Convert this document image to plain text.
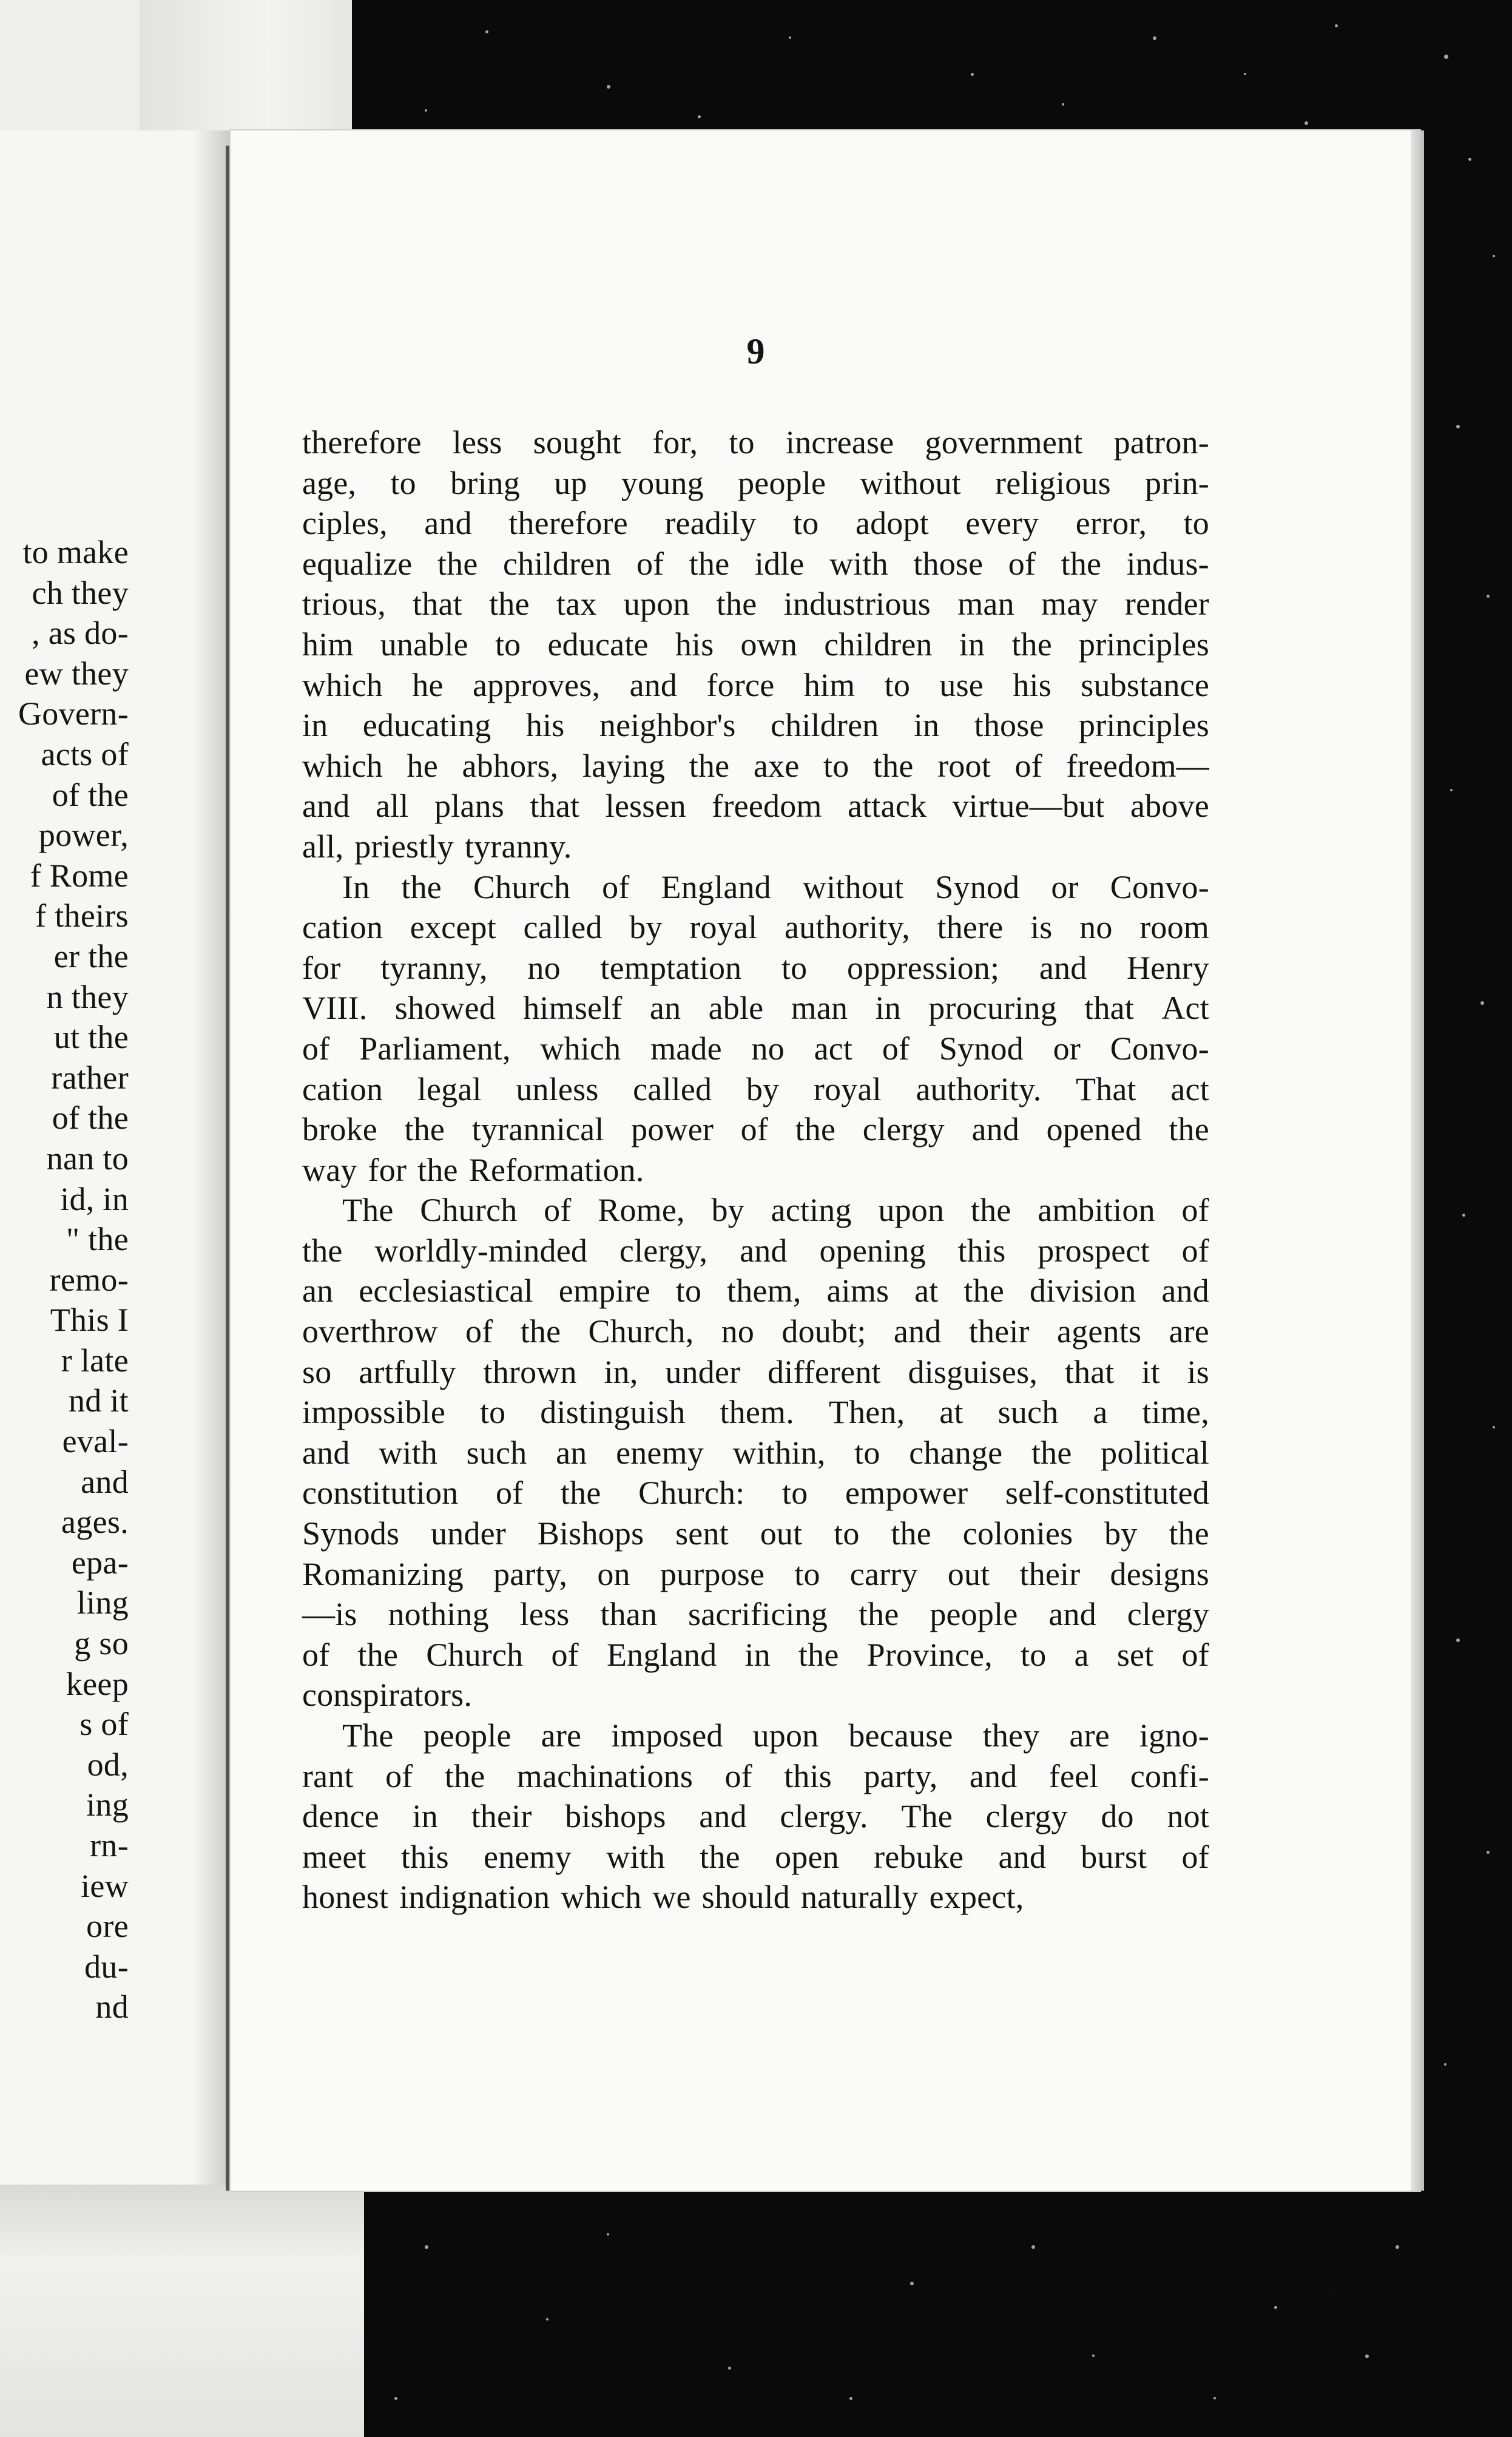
to make
ch they
, as do-
ew they
Govern-
acts of
of the
power,
f Rome
f theirs
er the
n they
ut the
rather
of the
nan to
id, in
" the
remo-
This I
r late
nd it
eval-
and
ages.
epa-
ling
g so
keep
s of
od,
ing
rn-
iew
ore
du-
nd
9
therefore less sought for, to increase government patron-
age, to bring up young people without religious prin-
ciples, and therefore readily to adopt every error, to
equalize the children of the idle with those of the indus-
trious, that the tax upon the industrious man may render
him unable to educate his own children in the principles
which he approves, and force him to use his substance
in educating his neighbor's children in those principles
which he abhors, laying the axe to the root of freedom—
and all plans that lessen freedom attack virtue—but above
all, priestly tyranny.
In the Church of England without Synod or Convo-
cation except called by royal authority, there is no room
for tyranny, no temptation to oppression; and Henry
VIII. showed himself an able man in procuring that Act
of Parliament, which made no act of Synod or Convo-
cation legal unless called by royal authority. That act
broke the tyrannical power of the clergy and opened the
way for the Reformation.
The Church of Rome, by acting upon the ambition of
the worldly-minded clergy, and opening this prospect of
an ecclesiastical empire to them, aims at the division and
overthrow of the Church, no doubt; and their agents are
so artfully thrown in, under different disguises, that it is
impossible to distinguish them. Then, at such a time,
and with such an enemy within, to change the political
constitution of the Church: to empower self-constituted
Synods under Bishops sent out to the colonies by the
Romanizing party, on purpose to carry out their designs
—is nothing less than sacrificing the people and clergy
of the Church of England in the Province, to a set of
conspirators.
The people are imposed upon because they are igno-
rant of the machinations of this party, and feel confi-
dence in their bishops and clergy. The clergy do not
meet this enemy with the open rebuke and burst of
honest indignation which we should naturally expect,
